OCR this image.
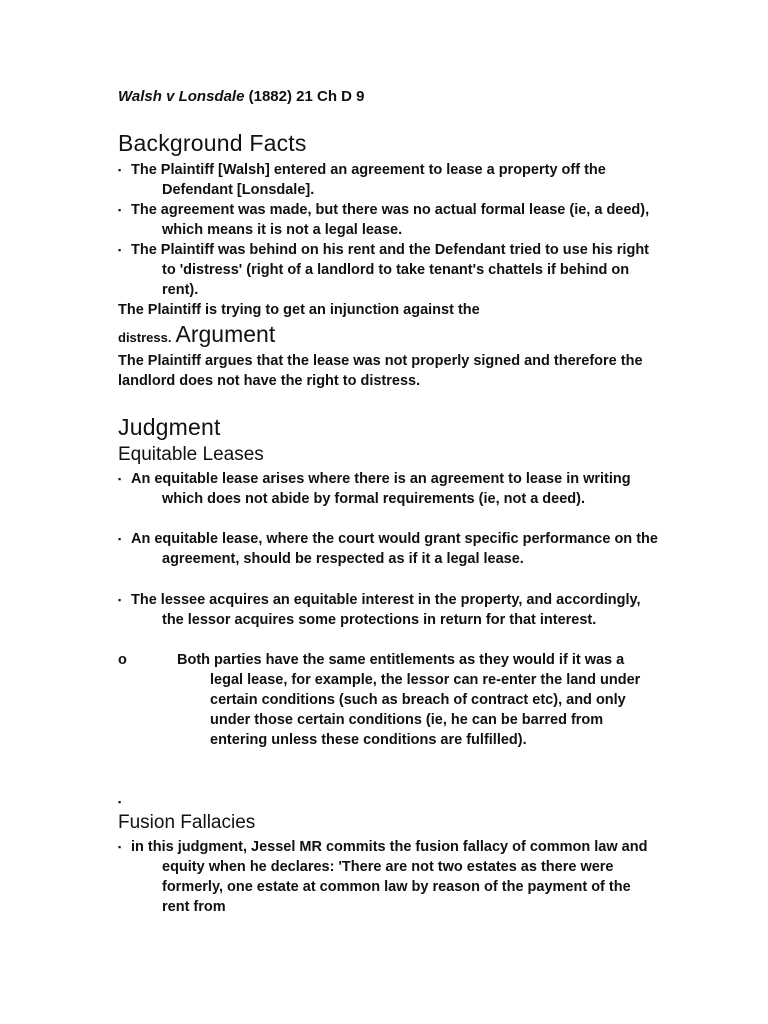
Walsh v Lonsdale (1882) 21 Ch D 9
Background Facts
▪ The Plaintiff [Walsh] entered an agreement to lease a property off the Defendant [Lonsdale].
▪ The agreement was made, but there was no actual formal lease (ie, a deed), which means it is not a legal lease.
▪ The Plaintiff was behind on his rent and the Defendant tried to use his right to 'distress' (right of a landlord to take tenant's chattels if behind on rent).
The Plaintiff is trying to get an injunction against the
distress. Argument
The Plaintiff argues that the lease was not properly signed and therefore the landlord does not have the right to distress.
Judgment
Equitable Leases
▪ An equitable lease arises where there is an agreement to lease in writing which does not abide by formal requirements (ie, not a deed).
▪ An equitable lease, where the court would grant specific performance on the agreement, should be respected as if it a legal lease.
▪ The lessee acquires an equitable interest in the property, and accordingly, the lessor acquires some protections in return for that interest.
o	Both parties have the same entitlements as they would if it was a legal lease, for example, the lessor can re-enter the land under certain conditions (such as breach of contract etc), and only under those certain conditions (ie, he can be barred from entering unless these conditions are fulfilled).
▪
Fusion Fallacies
▪ in this judgment, Jessel MR commits the fusion fallacy of common law and equity when he declares: 'There are not two estates as there were formerly, one estate at common law by reason of the payment of the rent from
